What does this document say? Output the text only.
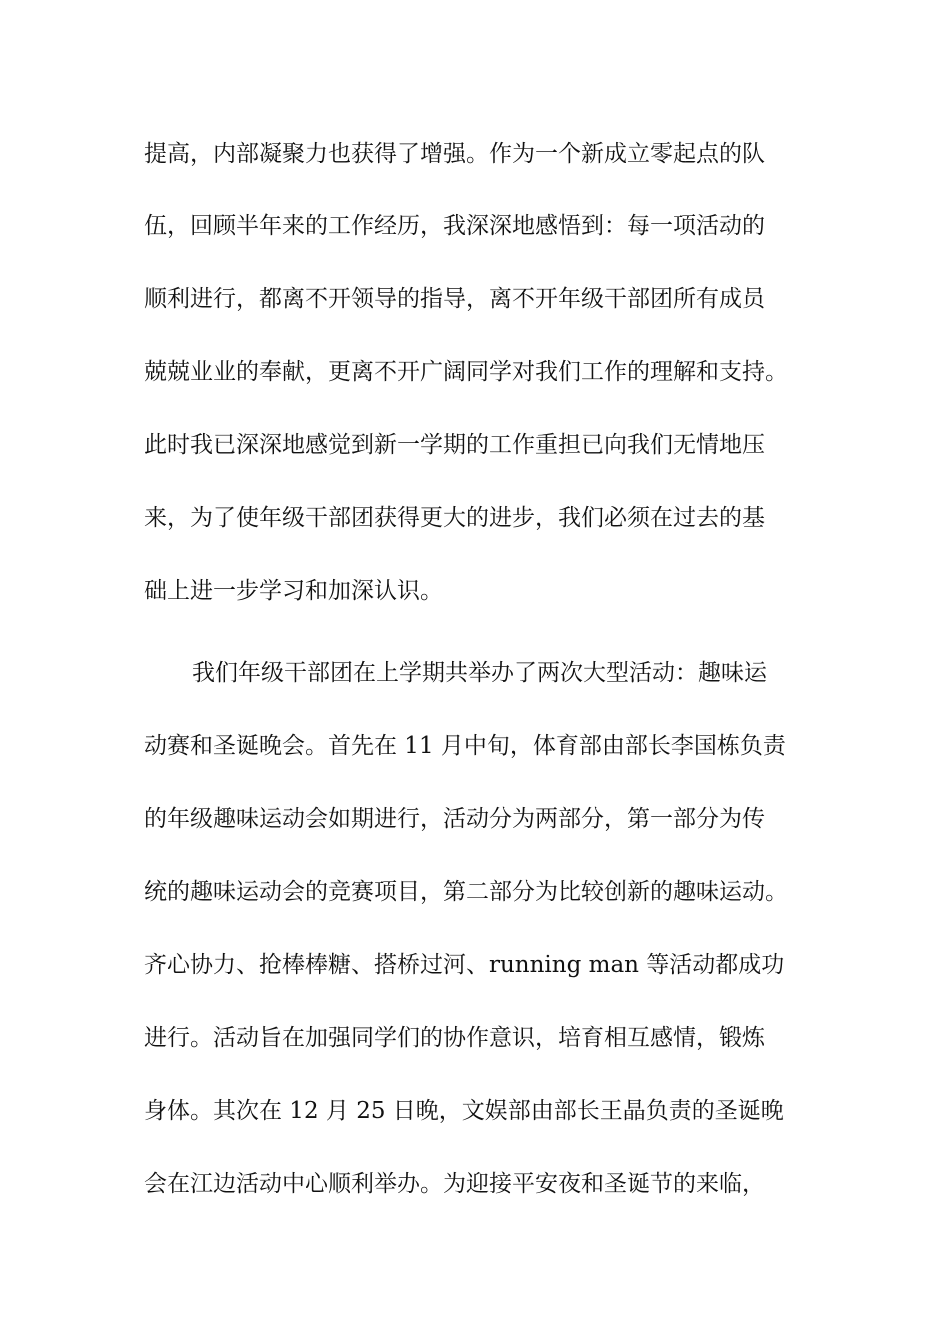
提高，内部凝聚力也获得了增强。作为一个新成立零起点的队
伍，回顾半年来的工作经历，我深深地感悟到：每一项活动的
顺利进行，都离不开领导的指导，离不开年级干部团所有成员
兢兢业业的奉献，更离不开广阔同学对我们工作的理解和支持。
此时我已深深地感觉到新一学期的工作重担已向我们无情地压
来，为了使年级干部团获得更大的进步，我们必须在过去的基
础上进一步学习和加深认识。
我们年级干部团在上学期共举办了两次大型活动：趣味运
动赛和圣诞晚会。首先在 11 月中旬，体育部由部长李国栋负责
的年级趣味运动会如期进行，活动分为两部分，第一部分为传
统的趣味运动会的竞赛项目，第二部分为比较创新的趣味运动。
齐心协力、抢棒棒糖、搭桥过河、running man 等活动都成功
进行。活动旨在加强同学们的协作意识，培育相互感情，锻炼
身体。其次在 12 月 25 日晚，文娱部由部长王晶负责的圣诞晚
会在江边活动中心顺利举办。为迎接平安夜和圣诞节的来临，
